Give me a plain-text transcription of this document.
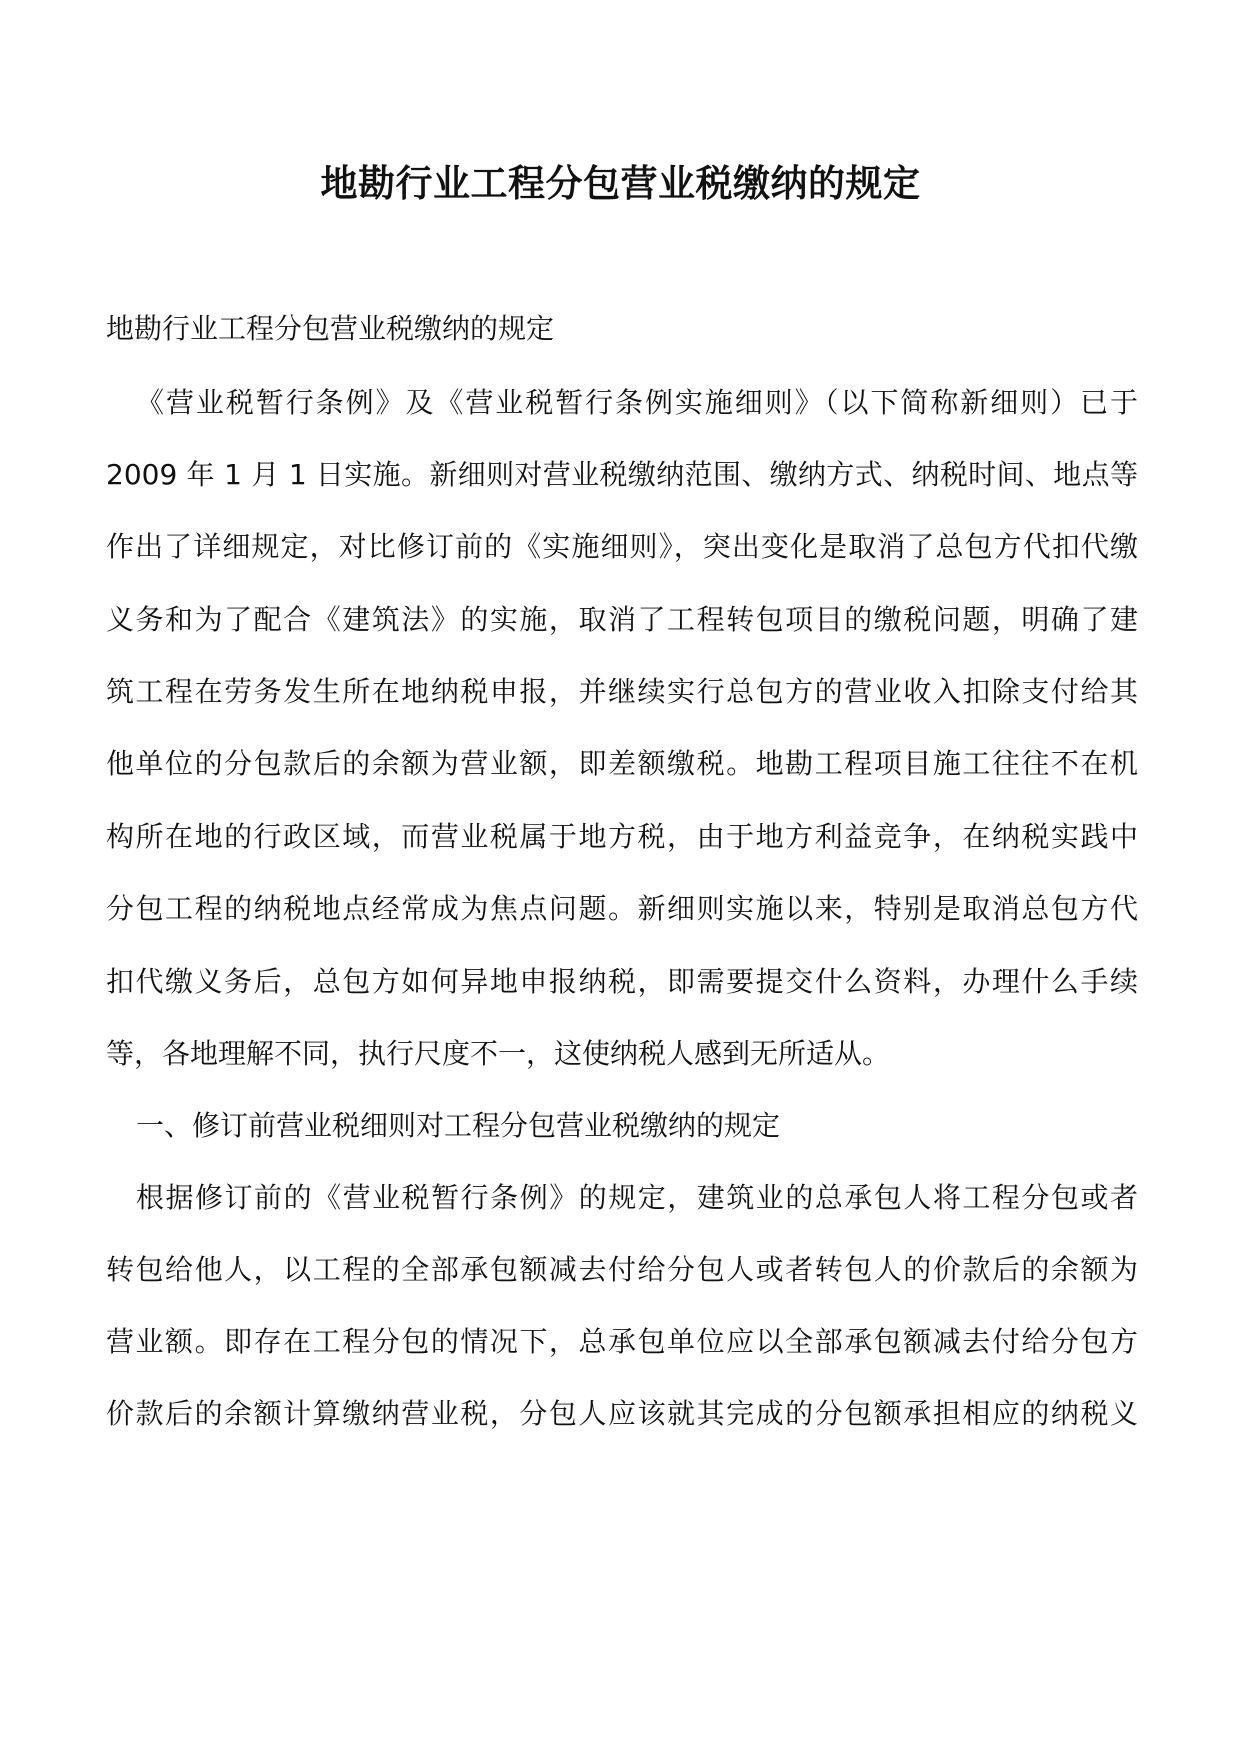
地勘行业工程分包营业税缴纳的规定
地勘行业工程分包营业税缴纳的规定
《营业税暂行条例》及《营业税暂行条例实施细则》（以下简称新细则）已于
2009 年 1 月 1 日实施。新细则对营业税缴纳范围、缴纳方式、纳税时间、地点等
作出了详细规定，对比修订前的《实施细则》，突出变化是取消了总包方代扣代缴
义务和为了配合《建筑法》的实施，取消了工程转包项目的缴税问题，明确了建
筑工程在劳务发生所在地纳税申报，并继续实行总包方的营业收入扣除支付给其
他单位的分包款后的余额为营业额，即差额缴税。地勘工程项目施工往往不在机
构所在地的行政区域，而营业税属于地方税，由于地方利益竞争，在纳税实践中
分包工程的纳税地点经常成为焦点问题。新细则实施以来，特别是取消总包方代
扣代缴义务后，总包方如何异地申报纳税，即需要提交什么资料，办理什么手续
等，各地理解不同，执行尺度不一，这使纳税人感到无所适从。
一、修订前营业税细则对工程分包营业税缴纳的规定
根据修订前的《营业税暂行条例》的规定，建筑业的总承包人将工程分包或者
转包给他人，以工程的全部承包额减去付给分包人或者转包人的价款后的余额为
营业额。即存在工程分包的情况下，总承包单位应以全部承包额减去付给分包方
价款后的余额计算缴纳营业税，分包人应该就其完成的分包额承担相应的纳税义
